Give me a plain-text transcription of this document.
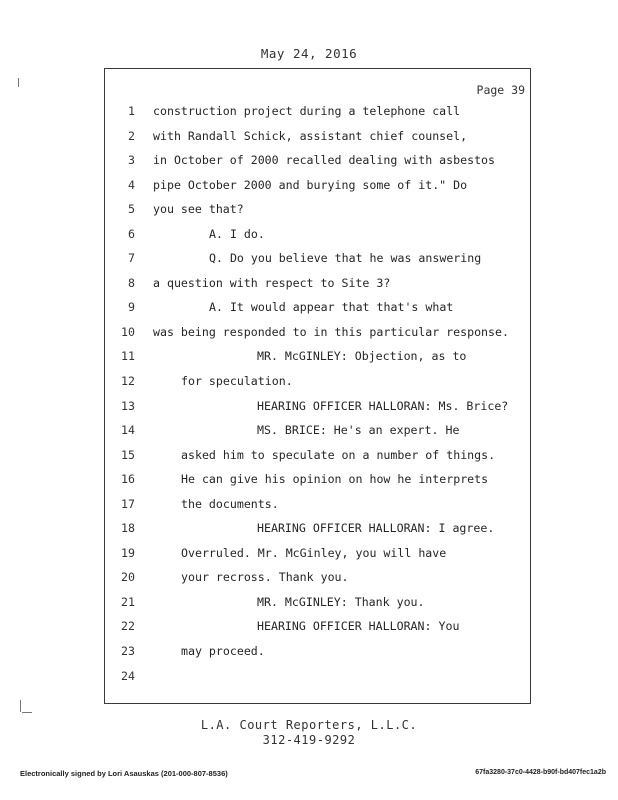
May 24, 2016
Page 39
1 construction project during a telephone call
2 with Randall Schick, assistant chief counsel,
3 in October of 2000 recalled dealing with asbestos
4 pipe October 2000 and burying some of it." Do
5 you see that?
6	A. I do.
7	Q. Do you believe that he was answering
8 a question with respect to Site 3?
9	A. It would appear that that's what
10 was being responded to in this particular response.
11	MR. McGINLEY: Objection, as to
12	for speculation.
13	HEARING OFFICER HALLORAN: Ms. Brice?
14	MS. BRICE: He's an expert. He
15	asked him to speculate on a number of things.
16	He can give his opinion on how he interprets
17	the documents.
18	HEARING OFFICER HALLORAN: I agree.
19	Overruled. Mr. McGinley, you will have
20	your recross. Thank you.
21	MR. McGINLEY: Thank you.
22	HEARING OFFICER HALLORAN: You
23	may proceed.
24
L.A. Court Reporters, L.L.C.
312-419-9292
Electronically signed by Lori Asauskas (201-000-807-8536)	67fa3280-37c0-4428-b90f-bd407fec1a2b
